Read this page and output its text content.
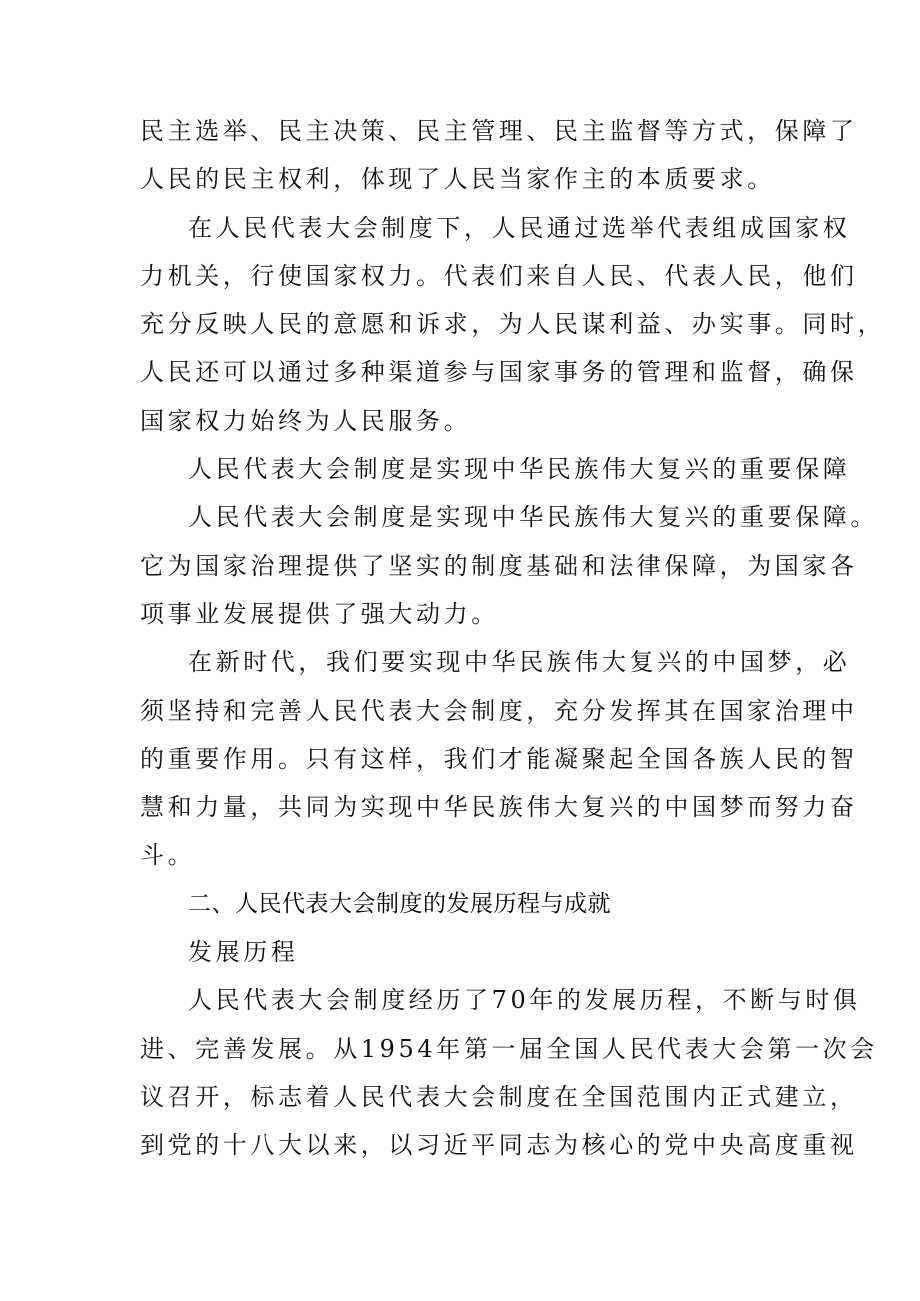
民主选举、民主决策、民主管理、民主监督等方式，保障了
人民的民主权利，体现了人民当家作主的本质要求。
在人民代表大会制度下，人民通过选举代表组成国家权
力机关，行使国家权力。代表们来自人民、代表人民，他们
充分反映人民的意愿和诉求，为人民谋利益、办实事。同时，
人民还可以通过多种渠道参与国家事务的管理和监督，确保
国家权力始终为人民服务。
人民代表大会制度是实现中华民族伟大复兴的重要保障
人民代表大会制度是实现中华民族伟大复兴的重要保障。
它为国家治理提供了坚实的制度基础和法律保障，为国家各
项事业发展提供了强大动力。
在新时代，我们要实现中华民族伟大复兴的中国梦，必
须坚持和完善人民代表大会制度，充分发挥其在国家治理中
的重要作用。只有这样，我们才能凝聚起全国各族人民的智
慧和力量，共同为实现中华民族伟大复兴的中国梦而努力奋
斗。
二、人民代表大会制度的发展历程与成就
发展历程
人民代表大会制度经历了70年的发展历程，不断与时俱
进、完善发展。从1954年第一届全国人民代表大会第一次会
议召开，标志着人民代表大会制度在全国范围内正式建立，
到党的十八大以来，以习近平同志为核心的党中央高度重视
